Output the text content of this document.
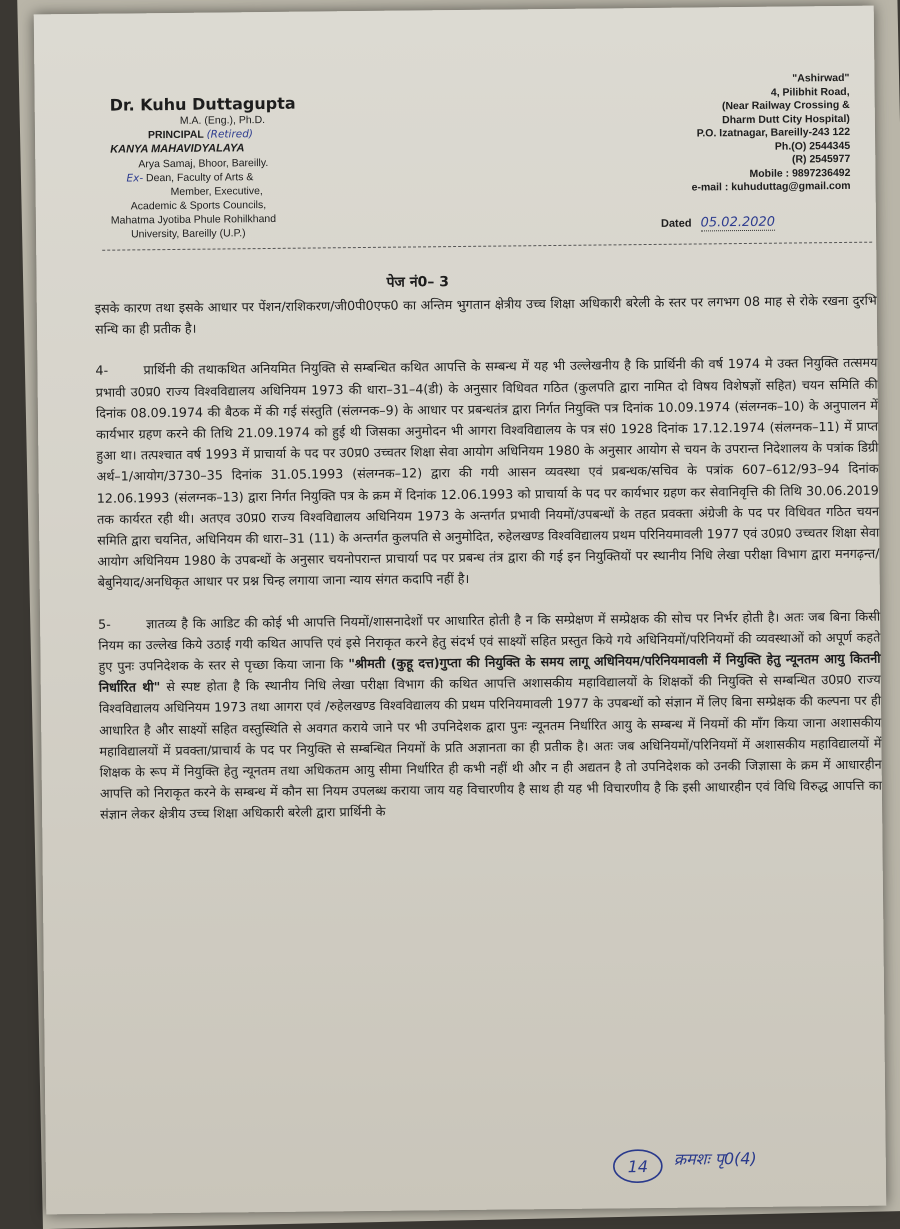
Dr. Kuhu Duttagupta
M.A. (Eng.), Ph.D.
PRINCIPAL (Retired)
KANYA MAHAVIDYALAYA
Arya Samaj, Bhoor, Bareilly.
Ex- Dean, Faculty of Arts &
Member, Executive,
Academic & Sports Councils,
Mahatma Jyotiba Phule Rohilkhand
University, Bareilly (U.P.)
"Ashirwad"
4, Pilibhit Road,
(Near Railway Crossing &
Dharm Dutt City Hospital)
P.O. Izatnagar, Bareilly-243 122
Ph.(O) 2544345
(R) 2545977
Mobile : 9897236492
e-mail : kuhuduttag@gmail.com
Dated 05.02.2020
पेज नं0– 3

इसके कारण तथा इसके आधार पर पेंशन/राशिकरण/जी0पी0एफ0 का अन्तिम भुगतान क्षेत्रीय उच्च शिक्षा अधिकारी बरेली के स्तर पर लगभग 08 माह से रोके रखना दुरभि सन्धि का ही प्रतीक है।

4-	प्रार्थिनी की तथाकथित अनियमित नियुक्ति से सम्बन्धित कथित आपत्ति के सम्बन्ध में यह भी उल्लेखनीय है कि प्रार्थिनी की वर्ष 1974 मे उक्त नियुक्ति तत्समय प्रभावी उ0प्र0 राज्य विश्वविद्यालय अधिनियम 1973 की धारा–31–4(डी) के अनुसार विधिवत गठित (कुलपति द्वारा नामित दो विषय विशेषज्ञों सहित) चयन समिति की दिनांक 08.09.1974 की बैठक में की गई संस्तुति (संलग्नक–9) के आधार पर प्रबन्धतंत्र द्वारा निर्गत नियुक्ति पत्र दिनांक 10.09.1974 (संलग्नक–10) के अनुपालन में कार्यभार ग्रहण करने की तिथि 21.09.1974 को हुई थी जिसका अनुमोदन भी आगरा विश्वविद्यालय के पत्र सं0 1928 दिनांक 17.12.1974 (संलग्नक–11) में प्राप्त हुआ था। तत्पश्चात वर्ष 1993 में प्राचार्या के पद पर उ0प्र0 उच्चतर शिक्षा सेवा आयोग अधिनियम 1980 के अनुसार आयोग से चयन के उपरान्त निदेशालय के पत्रांक डिग्री अर्थ–1/आयोग/3730–35 दिनांक 31.05.1993 (संलग्नक–12) द्वारा की गयी आसन व्यवस्था एवं प्रबन्धक/सचिव के पत्रांक 607–612/93–94 दिनांक 12.06.1993 (संलग्नक–13) द्वारा निर्गत नियुक्ति पत्र के क्रम में दिनांक 12.06.1993 को प्राचार्या के पद पर कार्यभार ग्रहण कर सेवानिवृत्ति की तिथि 30.06.2019 तक कार्यरत रही थी। अतएव उ0प्र0 राज्य विश्वविद्यालय अधिनियम 1973 के अन्तर्गत प्रभावी नियमों/उपबन्धों के तहत प्रवक्ता अंग्रेजी के पद पर विधिवत गठित चयन समिति द्वारा चयनित, अधिनियम की धारा–31 (11) के अन्तर्गत कुलपति से अनुमोदित, रुहेलखण्ड विश्वविद्यालय प्रथम परिनियमावली 1977 एवं उ0प्र0 उच्चतर शिक्षा सेवा आयोग अधिनियम 1980 के उपबन्धों के अनुसार चयनोपरान्त प्राचार्या पद पर प्रबन्ध तंत्र द्वारा की गई इन नियुक्तियों पर स्थानीय निधि लेखा परीक्षा विभाग द्वारा मनगढ़न्त/बेबुनियाद/अनधिकृत आधार पर प्रश्न चिन्ह लगाया जाना न्याय संगत कदापि नहीं है।

5-	ज्ञातव्य है कि आडिट की कोई भी आपत्ति नियमों/शासनादेशों पर आधारित होती है न कि सम्प्रेक्षण में सम्प्रेक्षक की सोच पर निर्भर होती है। अतः जब बिना किसी नियम का उल्लेख किये उठाई गयी कथित आपत्ति एवं इसे निराकृत करने हेतु संदर्भ एवं साक्ष्यों सहित प्रस्तुत किये गये अधिनियमों/परिनियमों की व्यवस्थाओं को अपूर्ण कहते हुए पुनः उपनिदेशक के स्तर से पृच्छा किया जाना कि "श्रीमती (कुहू दत्त)गुप्ता की नियुक्ति के समय लागू अधिनियम/परिनियमावली में नियुक्ति हेतु न्यूनतम आयु कितनी निर्धारित थी" से स्पष्ट होता है कि स्थानीय निधि लेखा परीक्षा विभाग की कथित आपत्ति अशासकीय महाविद्यालयों के शिक्षकों की नियुक्ति से सम्बन्धित उ0प्र0 राज्य विश्वविद्यालय अधिनियम 1973 तथा आगरा एवं /रुहेलखण्ड विश्वविद्यालय की प्रथम परिनियमावली 1977 के उपबन्धों को संज्ञान में लिए बिना सम्प्रेक्षक की कल्पना पर ही आधारित है और साक्ष्यों सहित वस्तुस्थिति से अवगत कराये जाने पर भी उपनिदेशक द्वारा पुनः न्यूनतम निर्धारित आयु के सम्बन्ध में नियमों की माँग किया जाना अशासकीय महाविद्यालयों में प्रवक्ता/प्राचार्य के पद पर नियुक्ति से सम्बन्धित नियमों के प्रति अज्ञानता का ही प्रतीक है। अतः जब अधिनियमों/परिनियमों में अशासकीय महाविद्यालयों में शिक्षक के रूप में नियुक्ति हेतु न्यूनतम तथा अधिकतम आयु सीमा निर्धारित ही कभी नहीं थी और न ही अद्यतन है तो उपनिदेशक को उनकी जिज्ञासा के क्रम में आधारहीन आपत्ति को निराकृत करने के सम्बन्ध में कौन सा नियम उपलब्ध कराया जाय यह विचारणीय है साथ ही यह भी विचारणीय है कि इसी आधारहीन एवं विधि विरुद्ध आपत्ति का संज्ञान लेकर क्षेत्रीय उच्च शिक्षा अधिकारी बरेली द्वारा प्रार्थिनी के

14 क्रमशः पृ0(4)
